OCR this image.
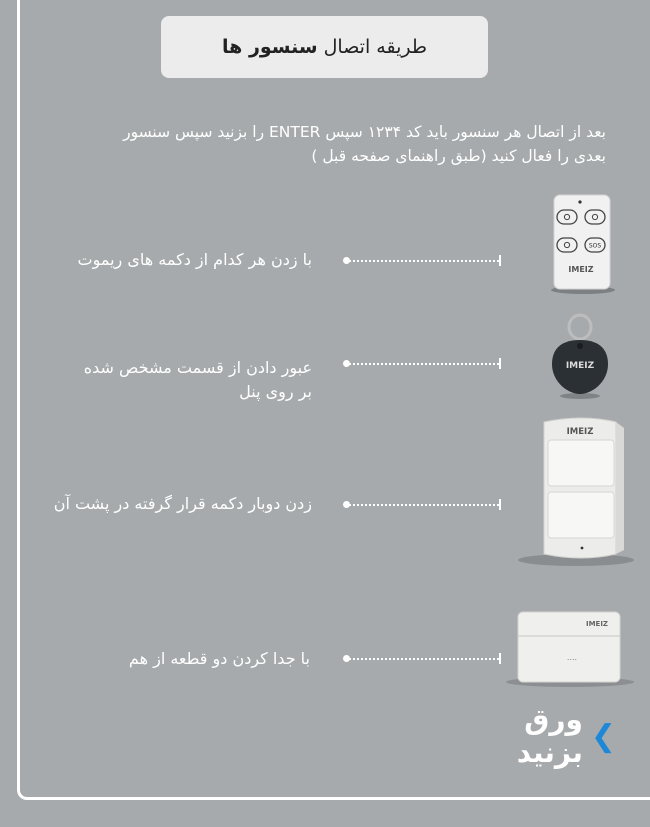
طریقه اتصال
سنسور ها
بعد از اتصال هر سنسور باید کد ۱۲۳۴ سپس ENTER را بزنید سپس سنسور
بعدی را فعال کنید (طبق راهنمای صفحه قبل )
با زدن هر کدام از دکمه های ریموت
SOS
IMEIZ
عبور دادن از قسمت مشخص شده
بر روی پنل
IMEIZ
زدن دوبار دکمه قرار گرفته در پشت آن
IMEIZ
با جدا کردن دو قطعه از هم
IMEIZ
....
❯
ورق بزنید
